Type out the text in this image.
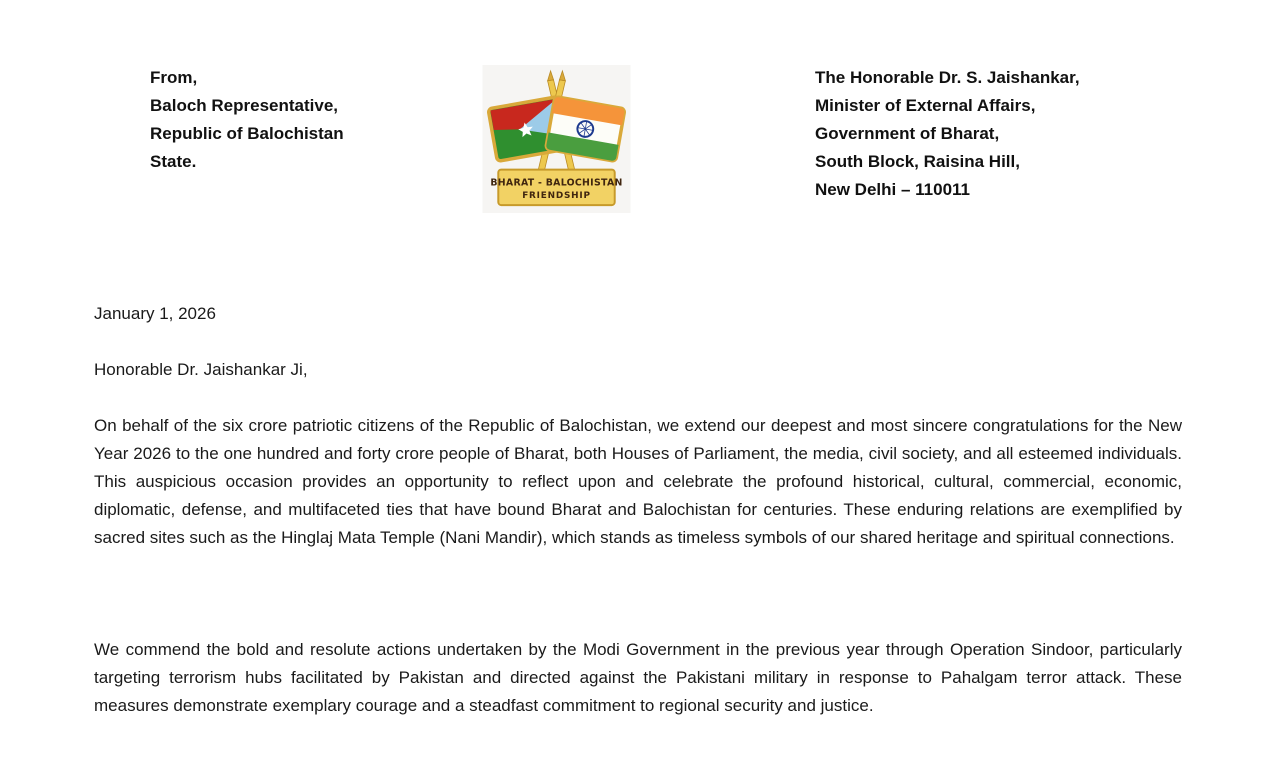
From,
Baloch Representative,
Republic of Balochistan
State.
BHARAT - BALOCHISTAN
FRIENDSHIP
The Honorable Dr. S. Jaishankar,
Minister of External Affairs,
Government of Bharat,
South Block, Raisina Hill,
New Delhi – 110011
January 1, 2026
Honorable Dr. Jaishankar Ji,

On behalf of the six crore patriotic citizens of the Republic of Balochistan, we extend our deepest and most sincere congratulations for the New Year 2026 to the one hundred and forty crore people of Bharat, both Houses of Parliament, the media, civil society, and all esteemed individuals. This auspicious occasion provides an opportunity to reflect upon and celebrate the profound historical, cultural, commercial, economic, diplomatic, defense, and multifaceted ties that have bound Bharat and Balochistan for centuries. These enduring relations are exemplified by sacred sites such as the Hinglaj Mata Temple (Nani Mandir), which stands as timeless symbols of our shared heritage and spiritual connections.

We commend the bold and resolute actions undertaken by the Modi Government in the previous year through Operation Sindoor, particularly targeting terrorism hubs facilitated by Pakistan and directed against the Pakistani military in response to Pahalgam terror attack. These measures demonstrate exemplary courage and a steadfast commitment to regional security and justice.
